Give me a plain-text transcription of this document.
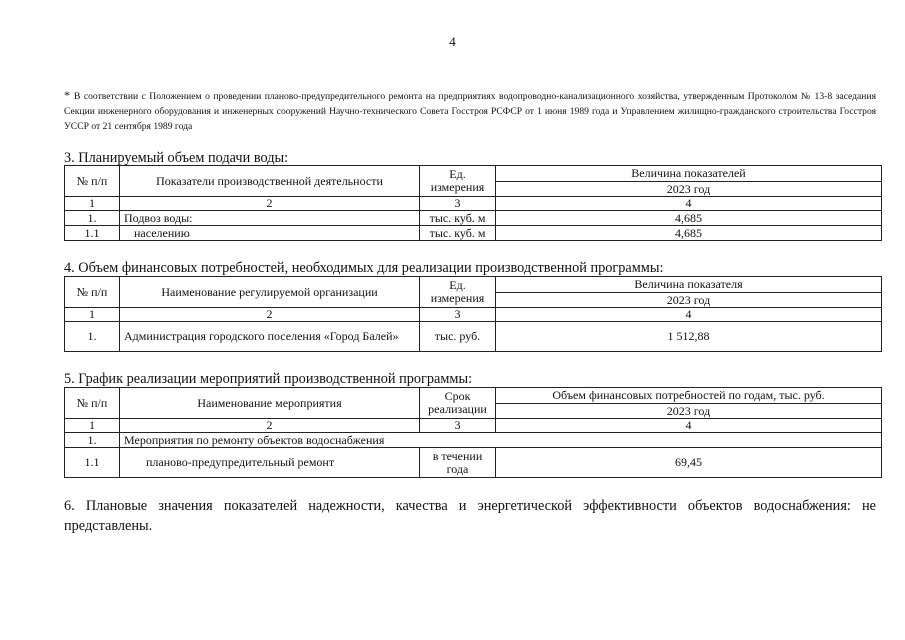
4
* В соответствии с Положением о проведении планово-предупредительного ремонта на предприятиях водопроводно-канализационного хозяйства, утвержденным Протоколом № 13-8 заседания Секции инженерного оборудования и инженерных сооружений Научно-технического Совета Госстроя РСФСР от 1 июня 1989 года и Управлением жилищно-гражданского строительства Госстроя УССР от 21 сентября 1989 года
3. Планируемый объем подачи воды:
№ п/п	Показатели производственной деятельности	Ед. измерения	Величина показателей
			2023 год
1	2	3	4
1.	Подвоз воды:	тыс. куб. м	4,685
1.1	населению	тыс. куб. м	4,685
4. Объем финансовых потребностей, необходимых для реализации производственной программы:
№ п/п	Наименование регулируемой организации	Ед. измерения	Величина показателя
			2023 год
1	2	3	4
1.	Администрация городского поселения «Город Балей»	тыс. руб.	1 512,88
5. График реализации мероприятий производственной программы:
№ п/п	Наименование мероприятия	Срок реализации	Объем финансовых потребностей по годам, тыс. руб.
			2023 год
1	2	3	4
1.	Мероприятия по ремонту объектов водоснабжения		
1.1	планово-предупредительный ремонт	в течении года	69,45
6. Плановые значения показателей надежности, качества и энергетической эффективности объектов водоснабжения: не представлены.
